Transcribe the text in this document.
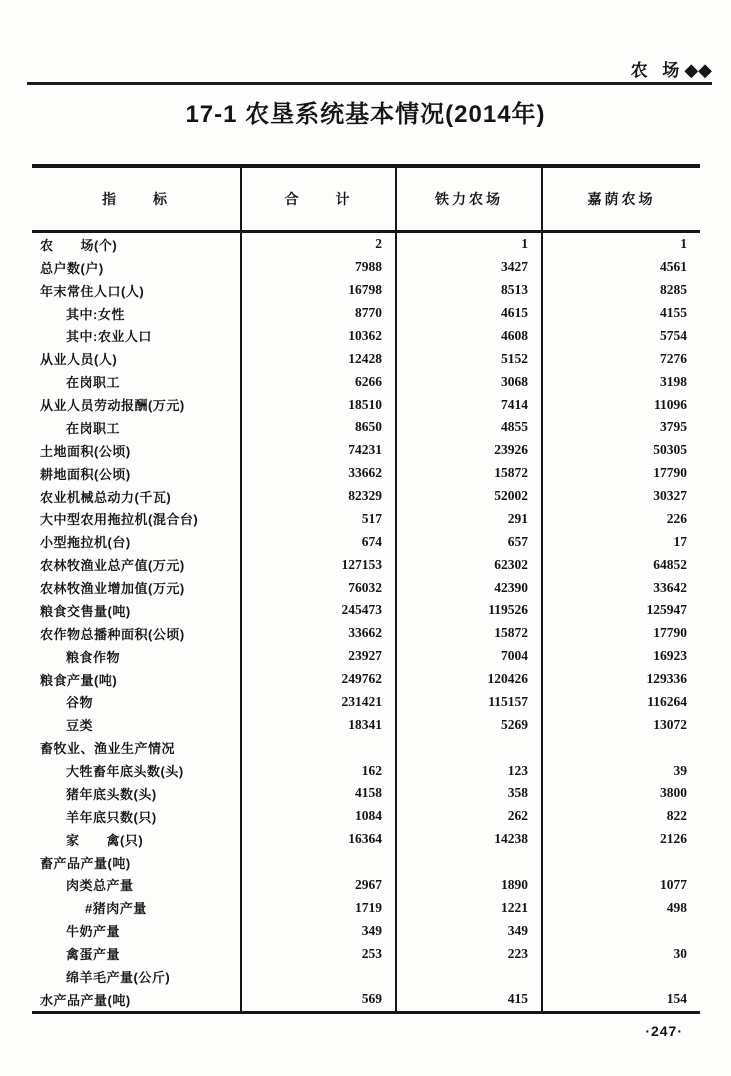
农 场◆◆
17-1 农垦系统基本情况(2014年)
指　　标	合　　计	铁力农场	嘉荫农场
农　　场(个)	2	1	1
总户数(户)	7988	3427	4561
年末常住人口(人)	16798	8513	8285
其中:女性	8770	4615	4155
其中:农业人口	10362	4608	5754
从业人员(人)	12428	5152	7276
在岗职工	6266	3068	3198
从业人员劳动报酬(万元)	18510	7414	11096
在岗职工	8650	4855	3795
土地面积(公顷)	74231	23926	50305
耕地面积(公顷)	33662	15872	17790
农业机械总动力(千瓦)	82329	52002	30327
大中型农用拖拉机(混合台)	517	291	226
小型拖拉机(台)	674	657	17
农林牧渔业总产值(万元)	127153	62302	64852
农林牧渔业增加值(万元)	76032	42390	33642
粮食交售量(吨)	245473	119526	125947
农作物总播种面积(公顷)	33662	15872	17790
粮食作物	23927	7004	16923
粮食产量(吨)	249762	120426	129336
谷物	231421	115157	116264
豆类	18341	5269	13072
畜牧业、渔业生产情况
大牲畜年底头数(头)	162	123	39
猪年底头数(头)	4158	358	3800
羊年底只数(只)	1084	262	822
家　　禽(只)	16364	14238	2126
畜产品产量(吨)
肉类总产量	2967	1890	1077
#猪肉产量	1719	1221	498
牛奶产量	349	349
禽蛋产量	253	223	30
绵羊毛产量(公斤)
水产品产量(吨)	569	415	154
·247·
